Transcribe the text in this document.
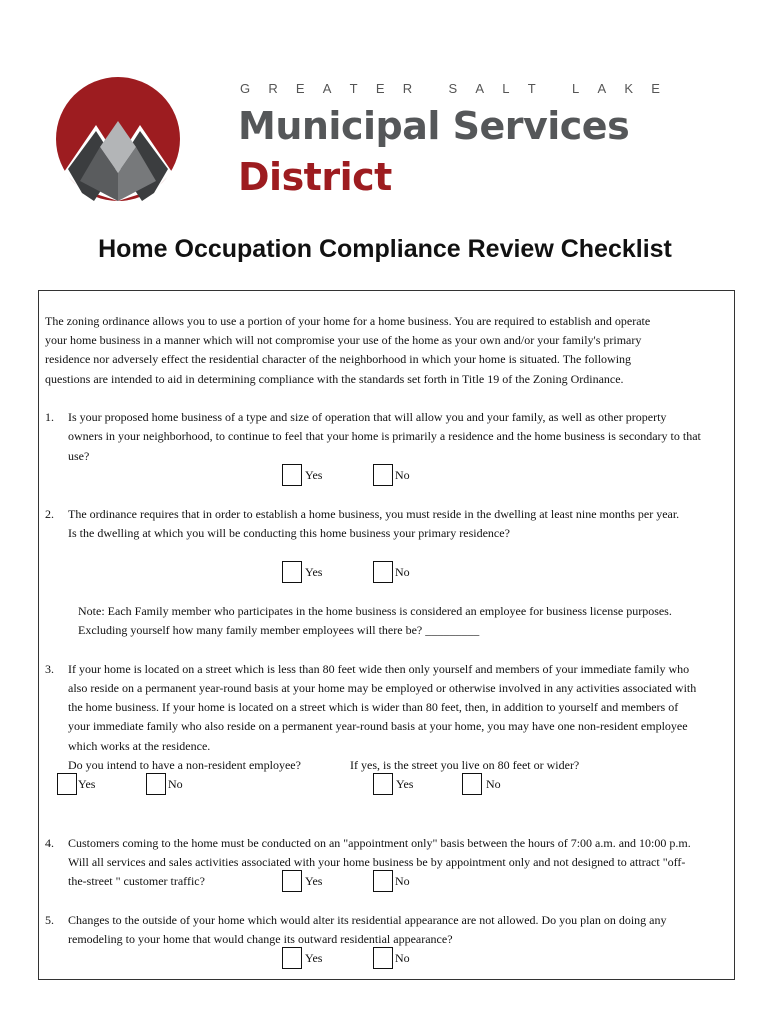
G R E A T E R	S A L T	L A K E
Municipal Services
District
Home Occupation Compliance Review Checklist
The zoning ordinance allows you to use a portion of your home for a home business. You are required to establish and operate
your home business in a manner which will not compromise your use of the home as your own and/or your family's primary
residence nor adversely effect the residential character of the neighborhood in which your home is situated. The following
questions are intended to aid in determining compliance with the standards set forth in Title 19 of the Zoning Ordinance.
1. Is your proposed home business of a type and size of operation that will allow you and your family, as well as other property
owners in your neighborhood, to continue to feel that your home is primarily a residence and the home business is secondary to that
use?
Yes	No
2. The ordinance requires that in order to establish a home business, you must reside in the dwelling at least nine months per year.
Is the dwelling at which you will be conducting this home business your primary residence?
Yes	No
Note: Each Family member who participates in the home business is considered an employee for business license purposes.
Excluding yourself how many family member employees will there be? _________
3. If your home is located on a street which is less than 80 feet wide then only yourself and members of your immediate family who
also reside on a permanent year-round basis at your home may be employed or otherwise involved in any activities associated with
the home business. If your home is located on a street which is wider than 80 feet, then, in addition to yourself and members of
your immediate family who also reside on a permanent year-round basis at your home, you may have one non-resident employee
which works at the residence.
Do you intend to have a non-resident employee?	If yes, is the street you live on 80 feet or wider?
Yes	No	Yes	No
4. Customers coming to the home must be conducted on an "appointment only" basis between the hours of 7:00 a.m. and 10:00 p.m.
Will all services and sales activities associated with your home business be by appointment only and not designed to attract "off-
the-street " customer traffic?	Yes	No
5. Changes to the outside of your home which would alter its residential appearance are not allowed. Do you plan on doing any
remodeling to your home that would change its outward residential appearance?
Yes	No
